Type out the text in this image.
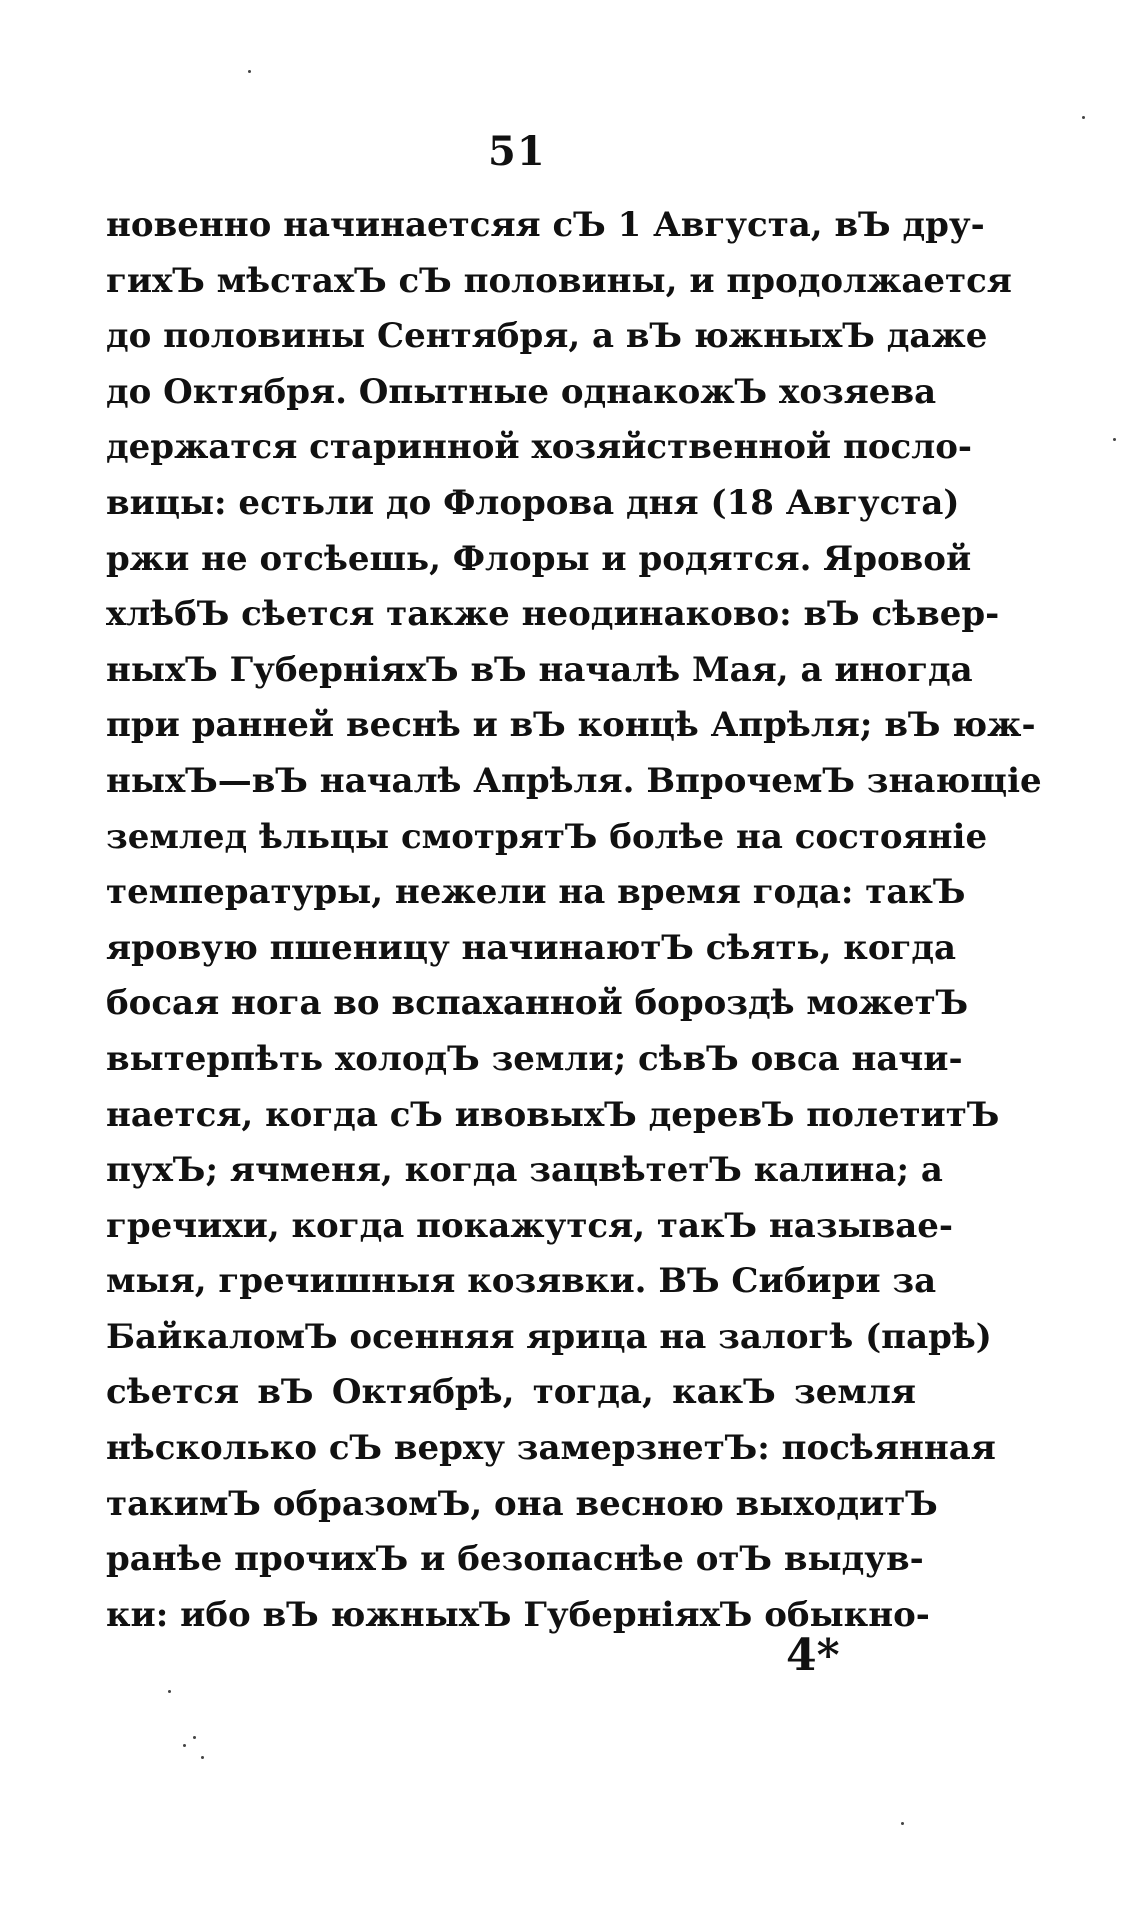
51
новенно начинаетсяя сЪ 1 Августа, вЪ дру-
гихЪ мѣстахЪ сЪ половины, и продолжается
до половины Сентября, а вЪ южныхЪ даже
до Октября. Опытные однакожЪ хозяева
держатся старинной хозяйственной посло-
вицы: естьли до Флорова дня (18 Августа)
ржи не отсѣешь, Флоры и родятся. Яровой
хлѣбЪ сѣется также неодинаково: вЪ сѣвер-
ныхЪ ГуберніяхЪ вЪ началѣ Мая, а иногда
при ранней веснѣ и вЪ концѣ Апрѣля; вЪ юж-
ныхЪ—вЪ началѣ Апрѣля. ВпрочемЪ знающіе
землед ѣльцы смотрятЪ болѣе на состояніе
температуры, нежели на время года: такЪ
яровую пшеницу начинаютЪ сѣять, когда
босая нога во вспаханной бороздѣ можетЪ
вытерпѣть холодЪ земли; сѣвЪ овса начи-
нается, когда сЪ ивовыхЪ деревЪ полетитЪ
пухЪ; ячменя, когда зацвѣтетЪ калина; а
гречихи, когда покажутся, такЪ называе-
мыя, гречишныя козявки. ВЪ Сибири за
БайкаломЪ осенняя ярица на залогѣ (парѣ)
сѣется вЪ Октябрѣ, тогда, какЪ земля
нѣсколько сЪ верху замерзнетЪ: посѣянная
такимЪ образомЪ, она весною выходитЪ
ранѣе прочихЪ и безопаснѣе отЪ выдув-
ки: ибо вЪ южныхЪ ГуберніяхЪ обыкно-
4*
